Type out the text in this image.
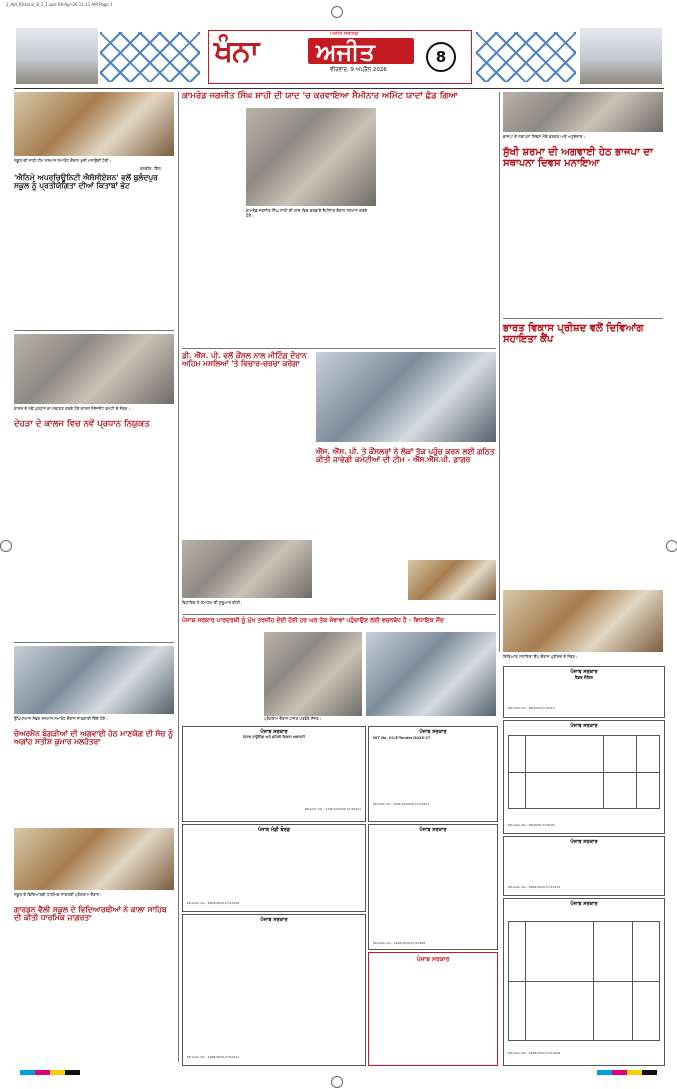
1_Ajit_Khanna_8_1_1.qxd 08-Apr-26 11:11 AM Page 1
ਖੰਨਾ	ਅਜੀਤ ਸਥਾਨਕ
ਅਜੀਤ
ਵੀਰਵਾਰ, 9 ਅਪ੍ਰੈਲ 2026
8
ਸਕੂਲ ਦੀ ਸਾਰੀ ਟੀਮ ਸਨਮਾਨ ਸਮਾਰੋਹ ਦੌਰਾਨ ਖੁਸ਼ੀ ਮਨਾਉਂਦੀ ਹੋਈ।
ਤਸਵੀਰ: ਗਿੱਲ
'ਐਨਿਮੇ ਅਪਰਚਿਊਨਿਟੀ ਐਸੋਸੀਏਸ਼ਨ' ਵਲੋਂ ਬੁਲੰਦਪੁਰ ਸਕੂਲ ਨੂੰ ਪ੍ਰਤੀਯੋਗਿਤਾ ਦੀਆਂ ਕਿਤਾਬਾਂ ਭੇਟ
ਕਾਲਜ ਦੇ ਨਵੇਂ ਪ੍ਰਧਾਨ ਦਾ ਸਵਾਗਤ ਕਰਦੇ ਹੋਏ ਕਾਲਜ ਮੈਨੇਜਮੈਂਟ ਕਮੇਟੀ ਦੇ ਮੈਂਬਰ।
ਦੇਹੜਾ ਦੇ ਕਾਲਜ ਵਿਚ ਨਵੇਂ ਪ੍ਰਧਾਨ ਨਿਯੁਕਤ
ਉੱਘੇ ਸਮਾਜ ਸੇਵਕ ਸਨਮਾਨ ਸਮਾਰੋਹ ਦੌਰਾਨ ਜਾਣਕਾਰੀ ਦਿੰਦੇ ਹੋਏ।
ਚੇਅਰਮੈਨ ਬੰਗੜੀਆਂ ਦੀ ਅਗਵਾਈ ਹੇਠ ਮਾਣਯੋਗ ਦੀ ਸੋਚ ਨੂੰ ਅਗਾਂਹ ਸਤੀਸ਼ ਕੁਮਾਰ ਮਲਹੋਤਰਾ
ਸਕੂਲ ਦੇ ਵਿਦਿਆਰਥੀ ਧਾਰਮਿਕ ਜਾਗਰਤੀ ਪ੍ਰੋਗਰਾਮ ਦੌਰਾਨ।
ਗਾਰਡਨ ਵੈਲੀ ਸਕੂਲ ਦੇ ਵਿਦਿਆਰਥੀਆਂ ਨੇ ਕਾਲਾ ਸਾਹਿਬ ਦੀ ਕੀਤੀ ਧਾਰਮਿਕ ਜਾਗਰਤਾ
ਕਾਮਰੇਡ ਜਗਜੀਤ ਸਿੰਘ ਸ਼ਾਹੀ ਦੀ ਯਾਦ 'ਚ ਕਰਵਾਇਆ ਸੈਮੀਨਾਰ ਅਮਿੱਟ ਯਾਦਾਂ ਛੱਡ ਗਿਆ
ਕਾਮਰੇਡ ਜਗਜੀਤ ਸਿੰਘ ਸ਼ਾਹੀ ਦੀ ਯਾਦ ਵਿਚ ਕਰਵਾਏ ਸੈਮੀਨਾਰ ਦੌਰਾਨ ਸਨਮਾਨ ਕਰਦੇ ਹੋਏ।
ਡੀ. ਐੱਸ. ਪੀ. ਵਲੋਂ ਕੌਂਸਲ ਨਾਲ ਮੀਟਿੰਗ ਦੌਰਾਨ ਅਹਿਮ ਮਸਲਿਆਂ 'ਤੇ ਵਿਚਾਰ-ਚਰਚਾ ਕਰੇਗਾ
ਵਿਧਾਇਕ ਨੇ ਸਮਾਗਮ ਦੀ ਸ਼ੁਰੂਆਤ ਕੀਤੀ।
ਐੱਸ. ਐੱਸ. ਪੀ. ਤੇ ਕੌਂਸਲਰਾਂ ਨੇ ਲੋਕਾਂ ਤੱਕ ਪਹੁੰਚ ਕਰਨ ਲਈ ਗਠਿਤ ਕੀਤੀ ਜਾਵੇਗੀ ਕਮੇਟੀਆਂ ਦੀ ਟੀਮ - ਐੱਸ.ਐੱਸ.ਪੀ. ਡਾਗਰ
ਪੰਜਾਬ ਸਰਕਾਰ ਪਾਰਦਰਸ਼ੀ ਨੂੰ ਮੁੱਖ ਤਰਜੀਹ ਦੇਂਦੀ ਹੋਈ ਹਰ ਘਰ ਤੱਕ ਸੇਵਾਵਾਂ ਪਹੁੰਚਾਉਣ ਲਈ ਵਚਨਬੱਧ ਹੈ - ਵਿਧਾਇਕ ਸੌਂਦ
ਪ੍ਰੋਗਰਾਮ ਦੌਰਾਨ ਹਾਜ਼ਰ ਪਤਵੰਤੇ ਸੱਜਣ।
ਭਾਜਪਾ ਦੇ ਸਥਾਪਨਾ ਦਿਵਸ ਮੌਕੇ ਵਰਕਰ ਅਤੇ ਅਹੁਦੇਦਾਰ।
ਸੁੱਖੀ ਸ਼ਰਮਾ ਦੀ ਅਗਵਾਈ ਹੇਠ ਭਾਜਪਾ ਦਾ ਸਥਾਪਨਾ ਦਿਵਸ ਮਨਾਇਆ
ਭਾਰਤ ਵਿਕਾਸ ਪ੍ਰੀਸ਼ਦ ਵਲੋਂ ਦਿਵਿਆਂਗ ਸਹਾਇਤਾ ਕੈਂਪ
ਦਿਵਿਆਂਗ ਸਹਾਇਤਾ ਕੈਂਪ ਦੌਰਾਨ ਪ੍ਰੀਸ਼ਦ ਦੇ ਮੈਂਬਰ।
ਪੰਜਾਬ ਸਰਕਾਰ
ਟੈਂਡਰ ਨੋਟਿਸ
PR-Advt. No.- 08/2026-27/0110
ਪੰਜਾਬ ਸਰਕਾਰ

PR-Advt. No.- 08/2026-27/0109
ਪੰਜਾਬ ਸਰਕਾਰ
PR-Advt. No.- 1808/2026-27/10213
ਪੰਜਾਬ ਸਰਕਾਰ

PR-Advt. No.- 1908/2026-27/10209
ਪੰਜਾਬ ਸਰਕਾਰ
ਪੰਜਾਬ ਹਾਊਸਿੰਗ ਅਤੇ ਸ਼ਹਿਰੀ ਵਿਕਾਸ ਅਥਾਰਟੀ
PR-Advt. No.- 17/8/12/2026-27/10211
ਪੰਜਾਬ ਸਰਕਾਰ
NIT No. 01/E-Tender/2026-27
PR-Advt. No.- 20/8/12/2026-27/10211
ਪੰਜਾਬ ਮੰਡੀ ਬੋਰਡ
PR-Advt. No.- 1908/2026-27/10206
ਪੰਜਾਬ ਸਰਕਾਰ
PR-Advt. No.- 1906/2026-27/10208
ਪੰਜਾਬ ਸਰਕਾਰ
PR-Advt. No.- 1908/2026-27/10211
ਪੰਜਾਬ ਸਰਕਾਰ
